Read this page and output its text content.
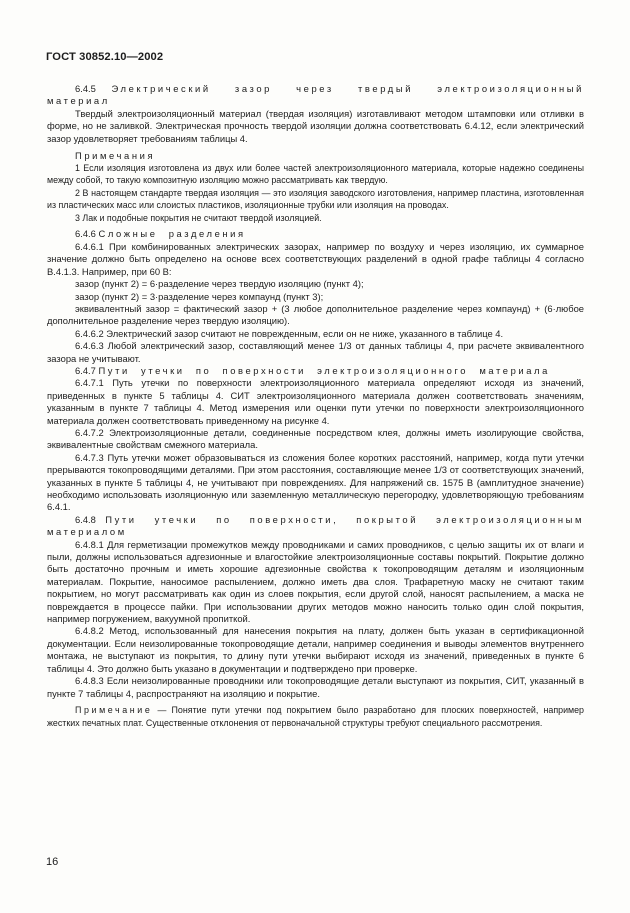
ГОСТ 30852.10—2002

6.4.5 Электрический зазор через твердый электроизоляционный материал

Твердый электроизоляционный материал (твердая изоляция) изготавливают методом штамповки или отливки в форме, но не заливкой. Электрическая прочность твердой изоляции должна соответствовать 6.4.12, если электрический зазор удовлетворяет требованиям таблицы 4.

Примечания

1 Если изоляция изготовлена из двух или более частей электроизоляционного материала, которые надежно соединены между собой, то такую композитную изоляцию можно рассматривать как твердую.

2 В настоящем стандарте твердая изоляция — это изоляция заводского изготовления, например пластина, изготовленная из пластических масс или слоистых пластиков, изоляционные трубки или изоляция на проводах.

3 Лак и подобные покрытия не считают твердой изоляцией.

6.4.6 Сложные разделения

6.4.6.1 При комбинированных электрических зазорах, например по воздуху и через изоляцию, их суммарное значение должно быть определено на основе всех соответствующих разделений в одной графе таблицы 4 согласно В.4.1.3. Например, при 60 В:

зазор (пункт 2) = 6·разделение через твердую изоляцию (пункт 4);

зазор (пункт 2) = 3·разделение через компаунд (пункт 3);

эквивалентный зазор = фактический зазор + (3 любое дополнительное разделение через компаунд) + (6·любое дополнительное разделение через твердую изоляцию).

6.4.6.2 Электрический зазор считают не поврежденным, если он не ниже, указанного в таблице 4.

6.4.6.3 Любой электрический зазор, составляющий менее 1/3 от данных таблицы 4, при расчете эквивалентного зазора не учитывают.

6.4.7 Пути утечки по поверхности электроизоляционного материала

6.4.7.1 Путь утечки по поверхности электроизоляционного материала определяют исходя из значений, приведенных в пункте 5 таблицы 4. СИТ электроизоляционного материала должен соответствовать значениям, указанным в пункте 7 таблицы 4. Метод измерения или оценки пути утечки по поверхности электроизоляционного материала должен соответствовать приведенному на рисунке 4.

6.4.7.2 Электроизоляционные детали, соединенные посредством клея, должны иметь изолирующие свойства, эквивалентные свойствам смежного материала.

6.4.7.3 Путь утечки может образовываться из сложения более коротких расстояний, например, когда пути утечки прерываются токопроводящими деталями. При этом расстояния, составляющие менее 1/3 от соответствующих значений, указанных в пункте 5 таблицы 4, не учитывают при повреждениях. Для напряжений св. 1575 В (амплитудное значение) необходимо использовать изоляционную или заземленную металлическую перегородку, удовлетворяющую требованиям 6.4.1.

6.4.8 Пути утечки по поверхности, покрытой электроизоляционным материалом

6.4.8.1 Для герметизации промежутков между проводниками и самих проводников, с целью защиты их от влаги и пыли, должны использоваться адгезионные и влагостойкие электроизоляционные составы покрытий. Покрытие должно быть достаточно прочным и иметь хорошие адгезионные свойства к токопроводящим деталям и изоляционным материалам. Покрытие, наносимое распылением, должно иметь два слоя. Трафаретную маску не считают таким покрытием, но могут рассматривать как один из слоев покрытия, если другой слой, наносят распылением, а маска не повреждается в процессе пайки. При использовании других методов можно наносить только один слой покрытия, например погружением, вакуумной пропиткой.

6.4.8.2 Метод, использованный для нанесения покрытия на плату, должен быть указан в сертификационной документации. Если неизолированные токопроводящие детали, например соединения и выводы элементов внутреннего монтажа, не выступают из покрытия, то длину пути утечки выбирают исходя из значений, приведенных в пункте 6 таблицы 4. Это должно быть указано в документации и подтверждено при проверке.

6.4.8.3 Если неизолированные проводники или токопроводящие детали выступают из покрытия, СИТ, указанный в пункте 7 таблицы 4, распространяют на изоляцию и покрытие.

Примечание — Понятие пути утечки под покрытием было разработано для плоских поверхностей, например жестких печатных плат. Существенные отклонения от первоначальной структуры требуют специального рассмотрения.

16
